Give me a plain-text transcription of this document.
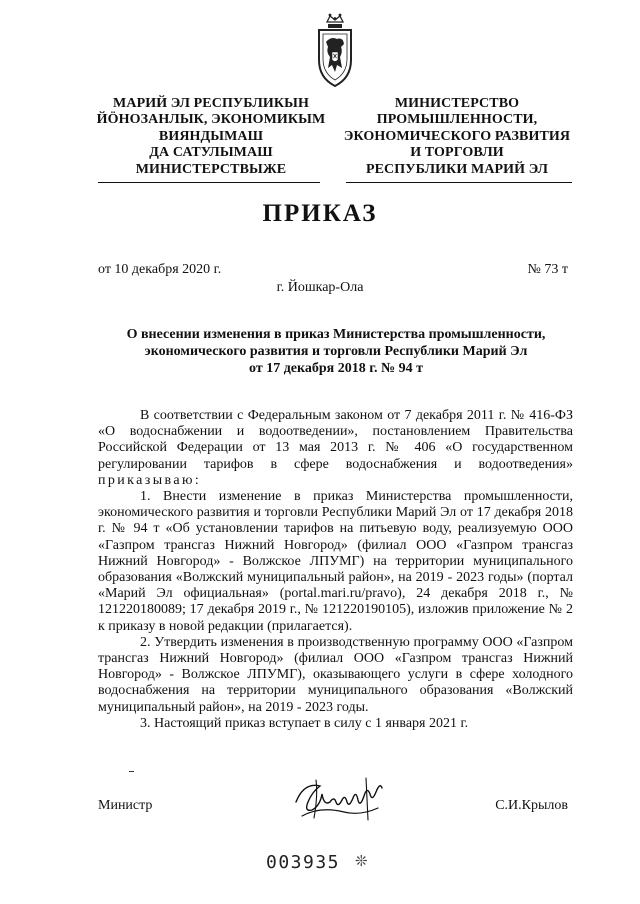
МАРИЙ ЭЛ РЕСПУБЛИКЫН
ЙӦНОЗАНЛЫК, ЭКОНОМИКЫМ
ВИЯНДЫМАШ
ДА САТУЛЫМАШ
МИНИСТЕРСТВЫЖЕ
МИНИСТЕРСТВО
ПРОМЫШЛЕННОСТИ,
ЭКОНОМИЧЕСКОГО РАЗВИТИЯ
И ТОРГОВЛИ
РЕСПУБЛИКИ МАРИЙ ЭЛ
ПРИКАЗ
от 10 декабря 2020 г.	№ 73 т
г. Йошкар-Ола
О внесении изменения в приказ Министерства промышленности,
экономического развития и торговли Республики Марий Эл
от 17 декабря 2018 г. № 94 т

В соответствии с Федеральным законом от 7 декабря 2011 г. № 416-ФЗ «О водоснабжении и водоотведении», постановлением Правительства Российской Федерации от 13 мая 2013 г. № 406 «О государственном регулировании тарифов в сфере водоснабжения и водоотведения» приказываю:

1. Внести изменение в приказ Министерства промышленности, экономического развития и торговли Республики Марий Эл от 17 декабря 2018 г. № 94 т «Об установлении тарифов на питьевую воду, реализуемую ООО «Газпром трансгаз Нижний Новгород» (филиал ООО «Газпром трансгаз Нижний Новгород» - Волжское ЛПУМГ) на территории муниципального образования «Волжский муниципальный район», на 2019 - 2023 годы» (портал «Марий Эл официальная» (portal.mari.ru/pravo), 24 декабря 2018 г., № 121220180089; 17 декабря 2019 г., № 121220190105), изложив приложение № 2 к приказу в новой редакции (прилагается).

2. Утвердить изменения в производственную программу ООО «Газпром трансгаз Нижний Новгород» (филиал ООО «Газпром трансгаз Нижний Новгород» - Волжское ЛПУМГ), оказывающего услуги в сфере холодного водоснабжения на территории муниципального образования «Волжский муниципальный район», на 2019 - 2023 годы.

3. Настоящий приказ вступает в силу с 1 января 2021 г.

Министр	С.И.Крылов
003935 ❊
